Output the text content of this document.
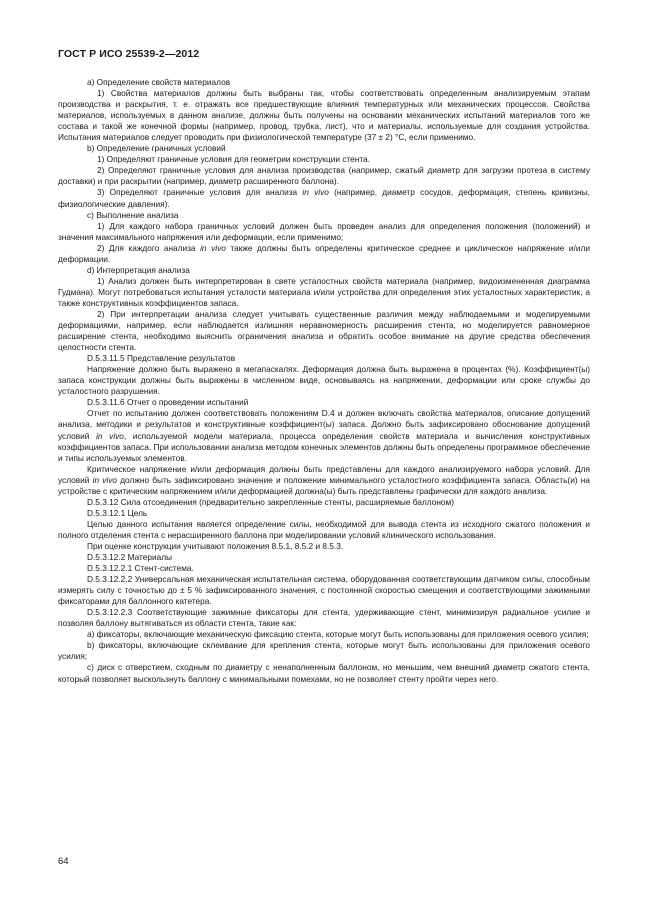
ГОСТ Р ИСО 25539-2—2012

a) Определение свойств материалов

1) Свойства материалов должны быть выбраны так, чтобы соответствовать определенным анализируемым этапам производства и раскрытия, т. е. отражать все предшествующие влияния температурных или механических процессов. Свойства материалов, используемых в данном анализе, должны быть получены на основании механических испытаний материалов того же состава и такой же конечной формы (например, провод, трубка, лист), что и материалы, используемые для создания устройства. Испытания материалов следует проводить при физиологической температуре (37 ± 2) °С, если применимо.

b) Определение граничных условий

1) Определяют граничные условия для геометрии конструкции стента.

2) Определяют граничные условия для анализа производства (например, сжатый диаметр для загрузки протеза в систему доставки) и при раскрытии (например, диаметр расширенного баллона).

3) Определяют граничные условия для анализа in vivo (например, диаметр сосудов, деформация, степень кривизны, физиологические давления).

c) Выполнение анализа

1) Для каждого набора граничных условий должен быть проведен анализ для определения положения (положений) и значения максимального напряжения или деформации, если применимо;

2) Для каждого анализа in vivo также должны быть определены критическое среднее и циклическое напряжение и/или деформации.

d) Интерпретация анализа

1) Анализ должен быть интерпретирован в свете усталостных свойств материала (например, видоизмененная диаграмма Гудмана). Могут потребоваться испытания усталости материала и/или устройства для определения этих усталостных характеристик, а также конструктивных коэффициентов запаса.

2) При интерпретации анализа следует учитывать существенные различия между наблюдаемыми и моделируемыми деформациями, например, если наблюдается излишняя неравномерность расширения стента, но моделируется равномерное расширение стента, необходимо выяснить ограничения анализа и обратить особое внимание на другие средства обеспечения целостности стента.

D.5.3.11.5 Представление результатов

Напряжение должно быть выражено в мегапаскалях. Деформация должна быть выражена в процентах (%). Коэффициент(ы) запаса конструкции должны быть выражены в численном виде, основываясь на напряжении, деформации или сроке службы до усталостного разрушения.

D.5.3.11.6 Отчет о проведении испытаний

Отчет по испытанию должен соответствовать положениям D.4 и должен включать свойства материалов, описание допущений анализа, методики и результатов и конструктивные коэффициент(ы) запаса. Должно быть зафиксировано обоснование допущений условий in vivo, используемой модели материала, процесса определения свойств материала и вычисления конструктивных коэффициентов запаса. При использовании анализа методом конечных элементов должны быть определены программное обеспечение и типы используемых элементов.

Критическое напряжение и/или деформация должны быть представлены для каждого анализируемого набора условий. Для условий in vivo должно быть зафиксировано значение и положение минимального усталостного коэффициента запаса. Область(и) на устройстве с критическим напряжением и/или деформацией должна(ы) быть представлены графически для каждого анализа.

D.5.3.12 Сила отсоединения (предварительно закрепленные стенты, расширяемые баллоном)

D.5.3.12.1 Цель

Целью данного испытания является определение силы, необходимой для вывода стента из исходного сжатого положения и полного отделения стента с нерасширенного баллона при моделировании условий клинического использования.

При оценке конструкции учитывают положения 8.5.1, 8.5.2 и 8.5.3.

D.5.3.12.2 Материалы

D.5.3.12.2.1 Стент-система.

D.5.3.12.2.2 Универсальная механическая испытательная система, оборудованная соответствующим датчиком силы, способным измерять силу с точностью до ± 5 % зафиксированного значения, с постоянной скоростью смещения и соответствующими зажимными фиксаторами для баллонного катетера.

D.5.3.12.2.3 Соответствующие зажимные фиксаторы для стента, удерживающие стент, минимизируя радиальное усилие и позволяя баллону вытягиваться из области стента, такие как:

a) фиксаторы, включающие механическую фиксацию стента, которые могут быть использованы для приложения осевого усилия;

b) фиксаторы, включающие склеивание для крепления стента, которые могут быть использованы для приложения осевого усилия;

c) диск с отверстием, сходным по диаметру с ненаполненным баллоном, но меньшим, чем внешний диаметр сжатого стента, который позволяет выскользнуть баллону с минимальными помехами, но не позволяет стенту пройти через него.

64
